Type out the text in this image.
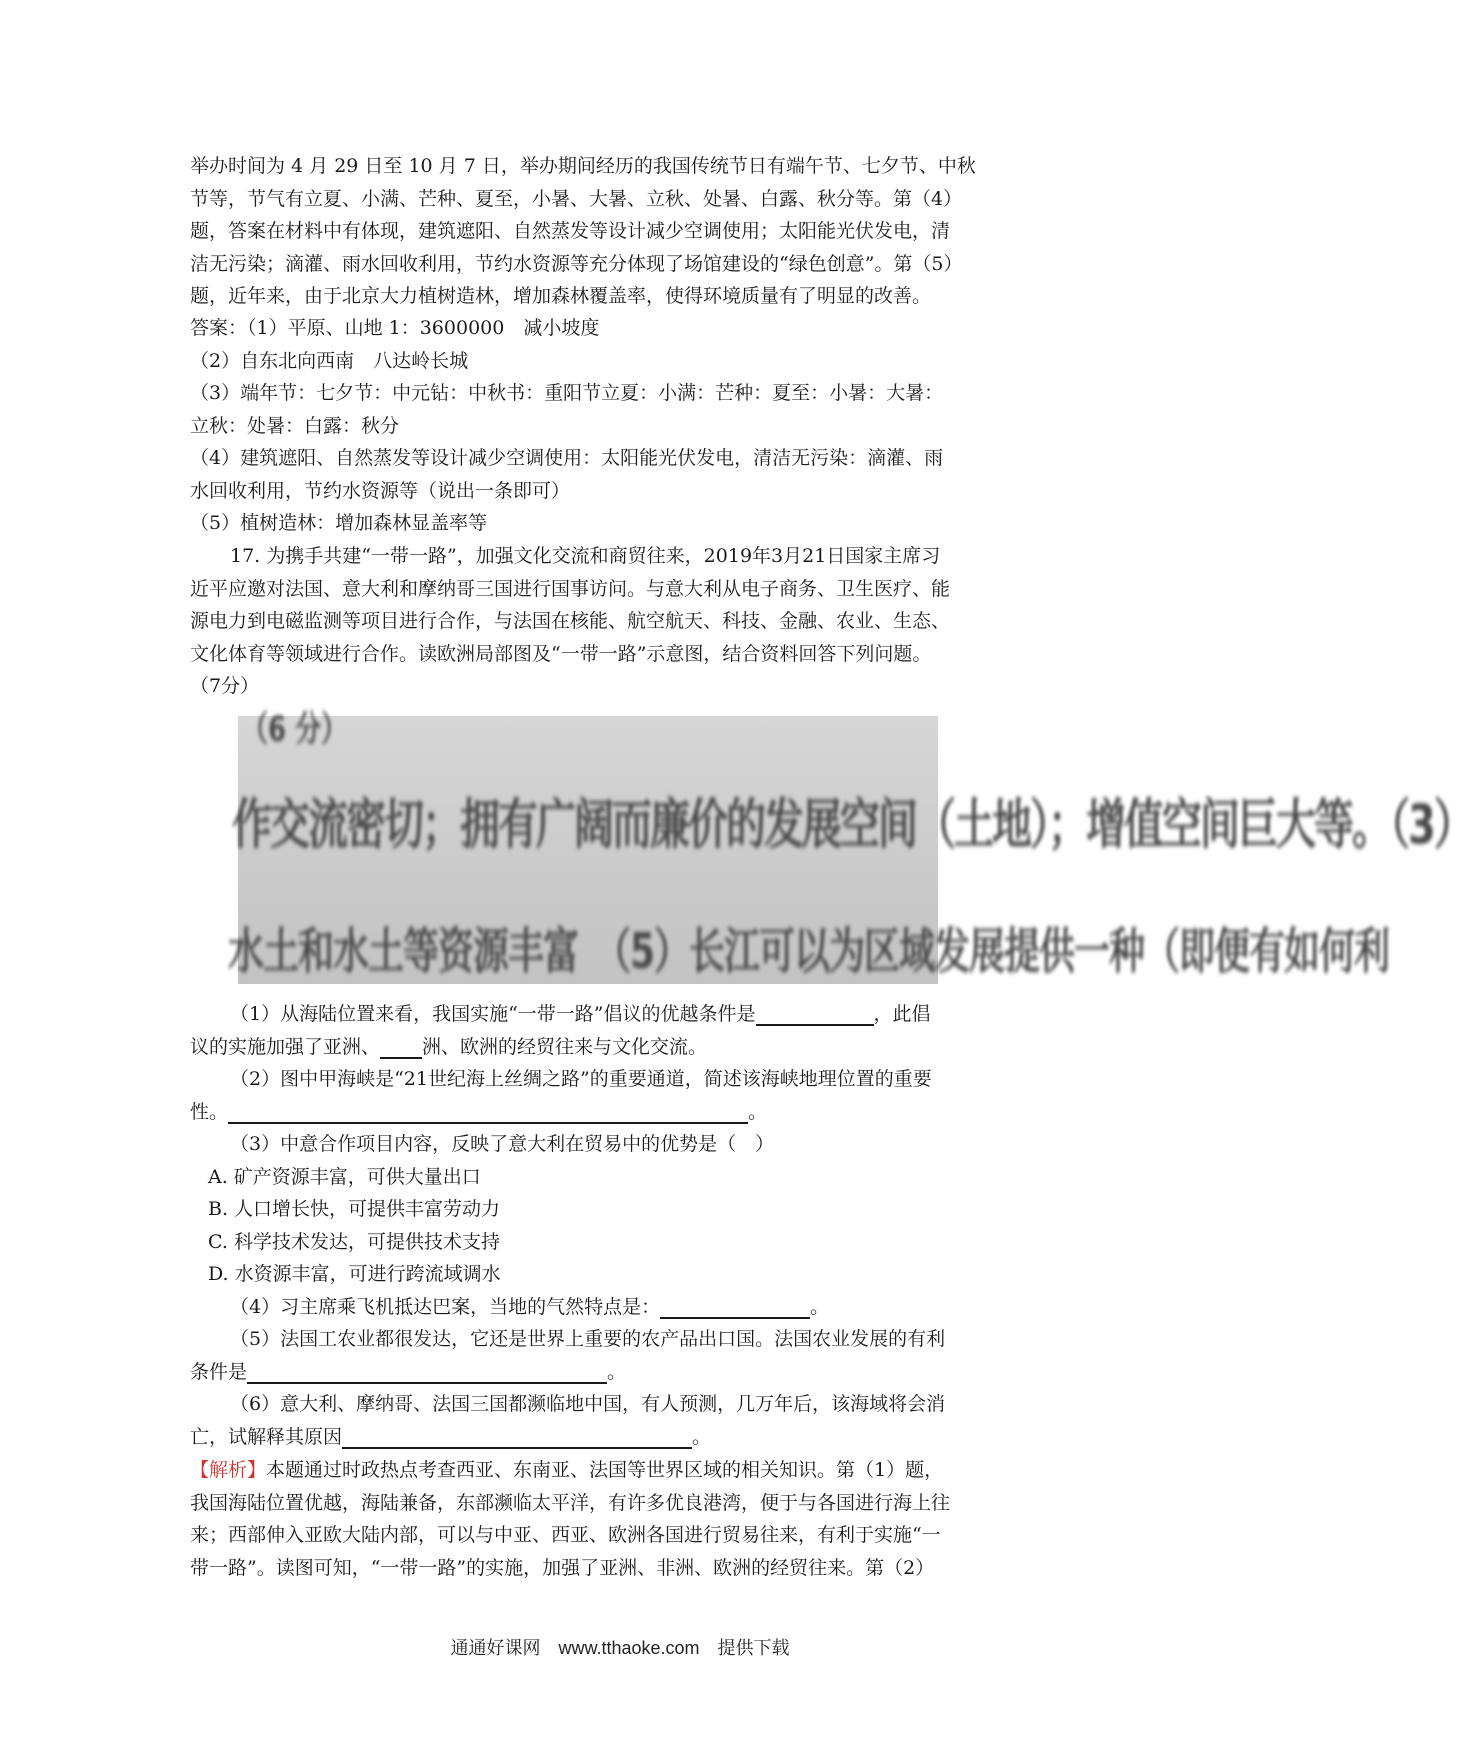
举办时间为 4 月 29 日至 10 月 7 日，举办期间经历的我国传统节日有端午节、七夕节、中秋
节等，节气有立夏、小满、芒种、夏至，小暑、大暑、立秋、处暑、白露、秋分等。第（4）
题，答案在材料中有体现，建筑遮阳、自然蒸发等设计减少空调使用；太阳能光伏发电，清
洁无污染；滴灌、雨水回收利用，节约水资源等充分体现了场馆建设的“绿色创意”。第（5）
题，近年来，由于北京大力植树造林，增加森林覆盖率，使得环境质量有了明显的改善。
答案：（1）平原、山地 1：3600000　减小坡度
（2）自东北向西南　八达岭长城
（3）端年节：七夕节：中元钻：中秋书：重阳节立夏：小满：芒种：夏至：小暑：大暑：
立秋：处暑：白露：秋分
（4）建筑遮阳、自然蒸发等设计减少空调使用：太阳能光伏发电，清洁无污染：滴灌、雨
水回收利用，节约水资源等（说出一条即可）
（5）植树造林：增加森林显盖率等
17. 为携手共建“一带一路”，加强文化交流和商贸往来，2019年3月21日国家主席习
近平应邀对法国、意大利和摩纳哥三国进行国事访问。与意大利从电子商务、卫生医疗、能
源电力到电磁监测等项目进行合作，与法国在核能、航空航天、科技、金融、农业、生态、
文化体育等领域进行合作。读欧洲局部图及“一带一路”示意图，结合资料回答下列问题。
（7分）
（6 分）
作交流密切；拥有广阔而廉价的发展空间（土地）；增值空间巨大等。（3）
水土和水土等资源丰富　（5）长江可以为区域发展提供一种（即便有如何利
（1）从海陆位置来看，我国实施“一带一路”倡议的优越条件是	，此倡
议的实施加强了亚洲、 洲、欧洲的经贸往来与文化交流。
（2）图中甲海峡是“21世纪海上丝绸之路”的重要通道，简述该海峡地理位置的重要
性。	。
（3）中意合作项目内容，反映了意大利在贸易中的优势是（　）
A. 矿产资源丰富，可供大量出口
B. 人口增长快，可提供丰富劳动力
C. 科学技术发达，可提供技术支持
D. 水资源丰富，可进行跨流域调水
（4）习主席乘飞机抵达巴案，当地的气然特点是：	。
（5）法国工农业都很发达，它还是世界上重要的农产品出口国。法国农业发展的有利
条件是	。
（6）意大利、摩纳哥、法国三国都濒临地中国，有人预测，几万年后，该海域将会消
亡，试解释其原因	。
【解析】本题通过时政热点考查西亚、东南亚、法国等世界区域的相关知识。第（1）题，
我国海陆位置优越，海陆兼备，东部濒临太平洋，有许多优良港湾，便于与各国进行海上往
来；西部伸入亚欧大陆内部，可以与中亚、西亚、欧洲各国进行贸易往来，有利于实施“一
带一路”。读图可知，“一带一路”的实施，加强了亚洲、非洲、欧洲的经贸往来。第（2）
通通好课网　www.tthaoke.com　提供下载
